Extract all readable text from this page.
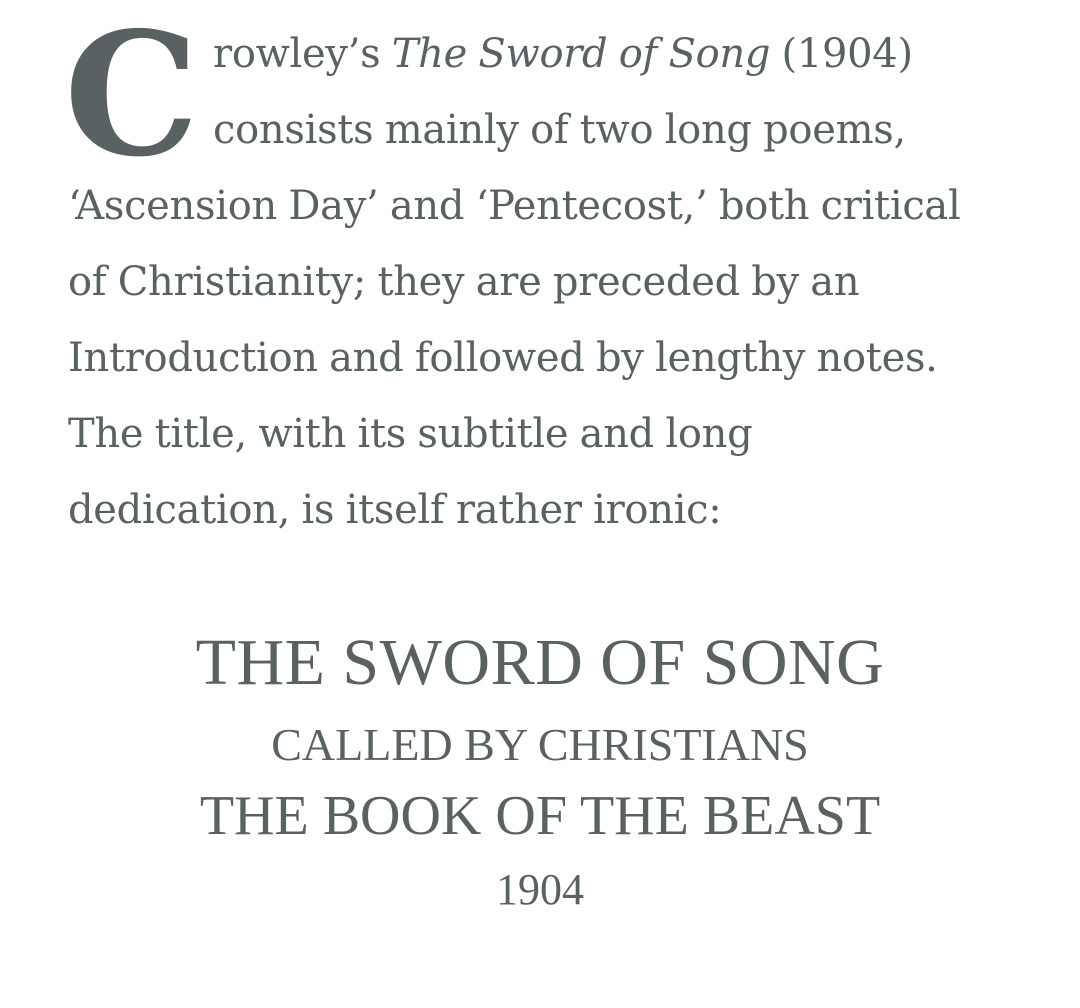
C rowley’s The Sword of Song (1904)
consists mainly of two long poems,
‘Ascension Day’ and ‘Pentecost,’ both critical
of Christianity; they are preceded by an
Introduction and followed by lengthy notes.
The title, with its subtitle and long
dedication, is itself rather ironic:

THE SWORD OF SONG
CALLED BY CHRISTIANS
THE BOOK OF THE BEAST
1904
